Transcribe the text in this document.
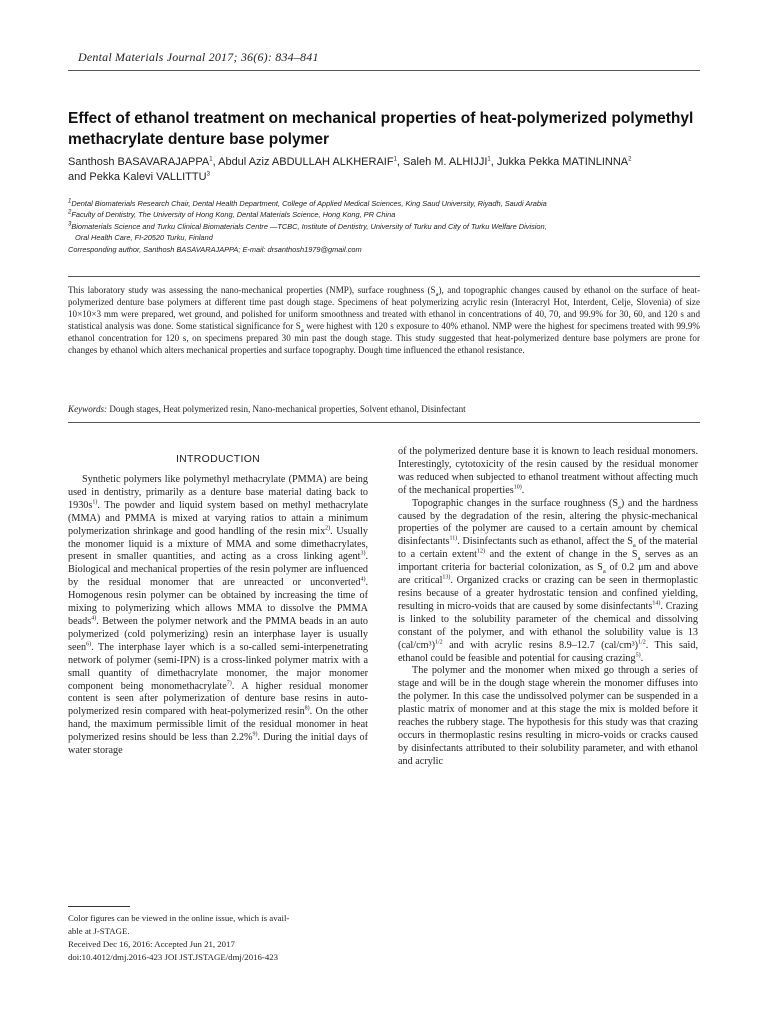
Dental Materials Journal 2017; 36(6): 834–841
Effect of ethanol treatment on mechanical properties of heat-polymerized polymethyl methacrylate denture base polymer
Santhosh BASAVARAJAPPA$^1$, Abdul Aziz ABDULLAH ALKHERAIF$^1$, Saleh M. ALHIJJI$^1$, Jukka Pekka MATINLINNA$^2$
and Pekka Kalevi VALLITTU$^3$
$^1$Dental Biomaterials Research Chair, Dental Health Department, College of Applied Medical Sciences, King Saud University, Riyadh, Saudi Arabia
$^2$Faculty of Dentistry, The University of Hong Kong, Dental Materials Science, Hong Kong, PR China
$^3$Biomaterials Science and Turku Clinical Biomaterials Centre —TCBC, Institute of Dentistry, University of Turku and City of Turku Welfare Division,
Oral Health Care, FI-20520 Turku, Finland
Corresponding author, Santhosh BASAVARAJAPPA; E-mail: drsanthosh1979@gmail.com
This laboratory study was assessing the nano-mechanical properties (NMP), surface roughness $(S_a)$, and topographic changes caused by ethanol on the surface of heat-polymerized denture base polymers at different time past dough stage. Specimens of heat polymerizing acrylic resin (Interacryl Hot, Interdent, Celje, Slovenia) of size 10×10×3 mm were prepared, wet ground, and polished for uniform smoothness and treated with ethanol in concentrations of 40, 70, and 99.9% for 30, 60, and 120 s and statistical analysis was done. Some statistical significance for $S_a$ were highest with 120 s exposure to 40% ethanol. NMP were the highest for specimens treated with 99.9% ethanol concentration for 120 s, on specimens prepared 30 min past the dough stage. This study suggested that heat-polymerized denture base polymers are prone for changes by ethanol which alters mechanical properties and surface topography. Dough time influenced the ethanol resistance.
Keywords: Dough stages, Heat polymerized resin, Nano-mechanical properties, Solvent ethanol, Disinfectant
INTRODUCTION

Synthetic polymers like polymethyl methacrylate (PMMA) are being used in dentistry, primarily as a denture base material dating back to $1930s^{1)}$. The powder and liquid system based on methyl methacrylate (MMA) and PMMA is mixed at varying ratios to attain a minimum polymerization shrinkage and good handling of the resin mix$^{2)}$. Usually the monomer liquid is a mixture of MMA and some dimethacrylates, present in smaller quantities, and acting as a cross linking agent$^{3)}$. Biological and mechanical properties of the resin polymer are influenced by the residual monomer that are unreacted or unconverted$^{4)}$. Homogenous resin polymer can be obtained by increasing the time of mixing to polymerizing which allows MMA to dissolve the PMMA beads$^{4)}$. Between the polymer network and the PMMA beads in an auto polymerized (cold polymerizing) resin an interphase layer is usually seen$^{6)}$. The interphase layer which is a so-called semi-interpenetrating network of polymer (semi-IPN) is a cross-linked polymer matrix with a small quantity of dimethacrylate monomer, the major monomer component being monomethacrylate$^{7)}$. A higher residual monomer content is seen after polymerization of denture base resins in auto-polymerized resin compared with heat-polymerized resin$^{8)}$. On the other hand, the maximum permissible limit of the residual monomer in heat polymerized resins should be less than 2.2%$^{9)}$. During the initial days of water storage

of the polymerized denture base it is known to leach residual monomers. Interestingly, cytotoxicity of the resin caused by the residual monomer was reduced when subjected to ethanol treatment without affecting much of the mechanical properties$^{10)}$.

Topographic changes in the surface roughness $(S_a)$ and the hardness caused by the degradation of the resin, altering the physic-mechanical properties of the polymer are caused to a certain amount by chemical disinfectants$^{11)}$. Disinfectants such as ethanol, affect the $S_a$ of the material to a certain extent$^{12)}$ and the extent of change in the $S_a$ serves as an important criteria for bacterial colonization, as $S_a$ of 0.2 μm and above are critical$^{13)}$. Organized cracks or crazing can be seen in thermoplastic resins because of a greater hydrostatic tension and confined yielding, resulting in micro-voids that are caused by some disinfectants$^{14)}$. Crazing is linked to the solubility parameter of the chemical and dissolving constant of the polymer, and with ethanol the solubility value is 13 $(cal/cm^3)^{1/2}$ and with acrylic resins 8.9–12.7 $(cal/cm^3)^{1/2}$. This said, ethanol could be feasible and potential for causing crazing$^{5)}$.

The polymer and the monomer when mixed go through a series of stage and will be in the dough stage wherein the monomer diffuses into the polymer. In this case the undissolved polymer can be suspended in a plastic matrix of monomer and at this stage the mix is molded before it reaches the rubbery stage. The hypothesis for this study was that crazing occurs in thermoplastic resins resulting in micro-voids or cracks caused by disinfectants attributed to their solubility parameter, and with ethanol and acrylic

Color figures can be viewed in the online issue, which is avail-
able at J-STAGE.
Received Dec 16, 2016: Accepted Jun 21, 2017
doi:10.4012/dmj.2016-423 JOI JST.JSTAGE/dmj/2016-423
